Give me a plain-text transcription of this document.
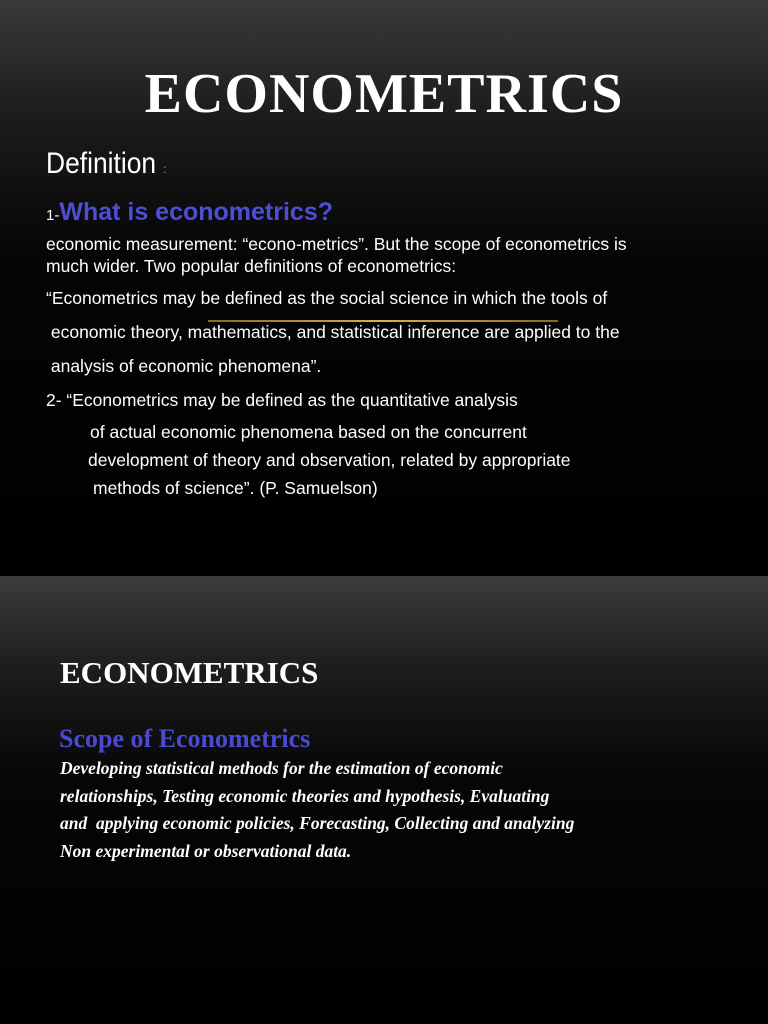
ECONOMETRICS
Definition :
1-What is econometrics?
economic measurement: “econo-metrics”. But the scope of econometrics is
much wider. Two popular definitions of econometrics:
“Econometrics may be defined as the social science in which the tools of
economic theory, mathematics, and statistical inference are applied to the
analysis of economic phenomena”.
2- “Econometrics may be defined as the quantitative analysis
of actual economic phenomena based on the concurrent
development of theory and observation, related by appropriate
methods of science”. (P. Samuelson)
ECONOMETRICS
Scope of Econometrics
Developing statistical methods for the estimation of economic
relationships, Testing economic theories and hypothesis, Evaluating
and  applying economic policies, Forecasting, Collecting and analyzing
Non experimental or observational data.
